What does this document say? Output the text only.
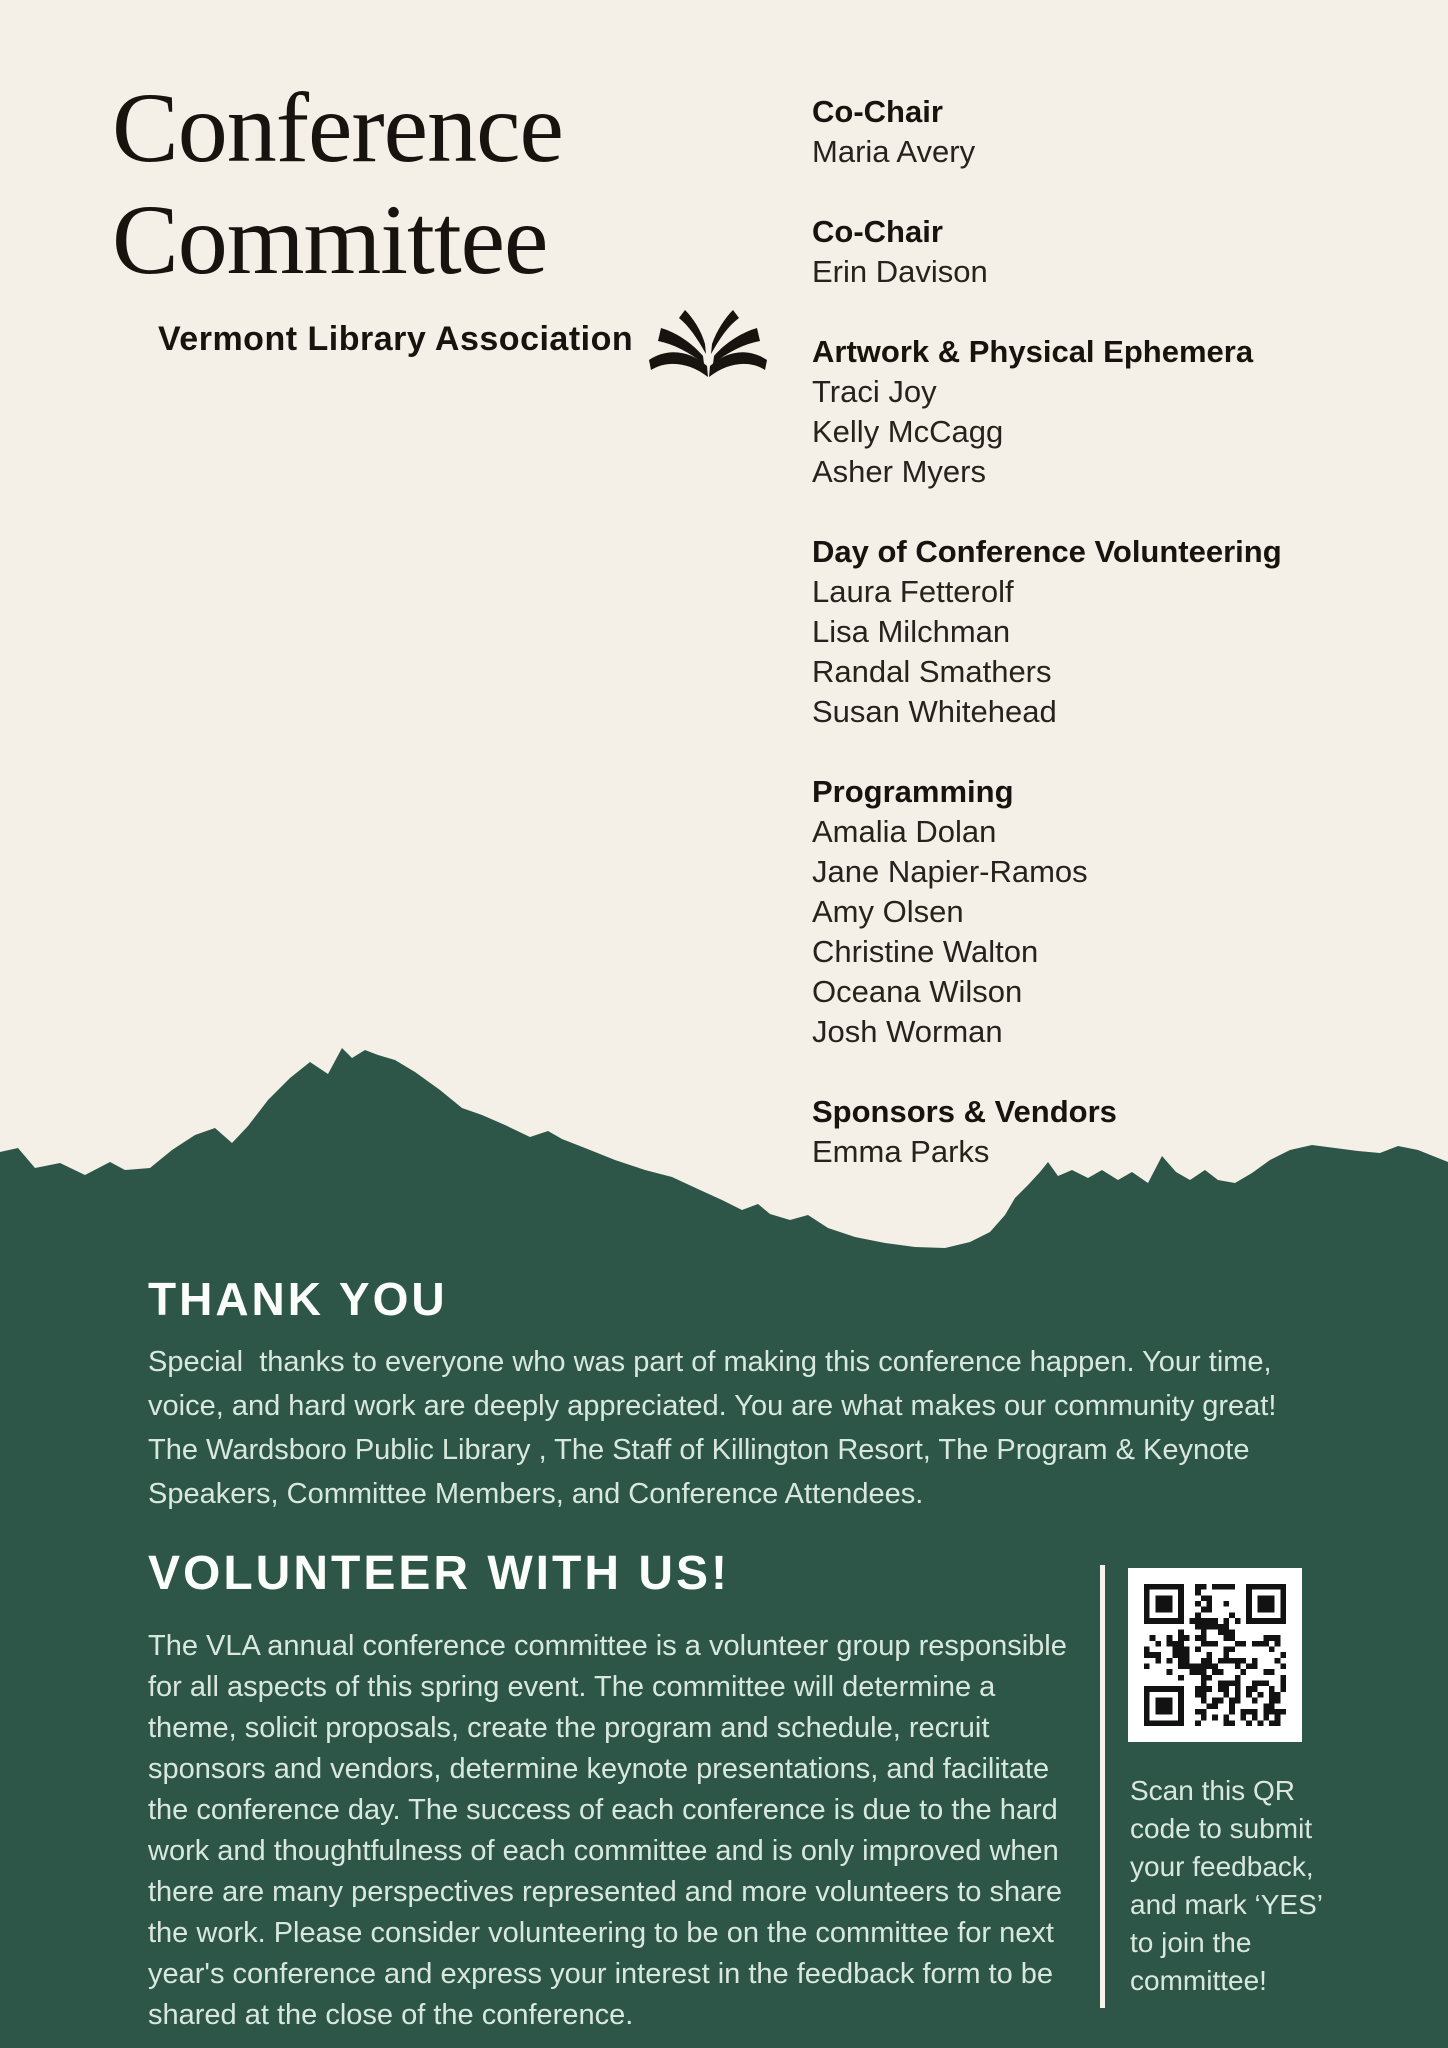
Conference
Committee
Vermont Library Association
Co-Chair
Maria Avery
Co-Chair
Erin Davison
Artwork & Physical Ephemera
Traci Joy
Kelly McCagg
Asher Myers
Day of Conference Volunteering
Laura Fetterolf
Lisa Milchman
Randal Smathers
Susan Whitehead
Programming
Amalia Dolan
Jane Napier-Ramos
Amy Olsen
Christine Walton
Oceana Wilson
Josh Worman
Sponsors & Vendors
Emma Parks
THANK YOU
Special  thanks to everyone who was part of making this conference happen. Your time, voice, and hard work are deeply appreciated. You are what makes our community great! The Wardsboro Public Library , The Staff of Killington Resort, The Program & Keynote Speakers, Committee Members, and Conference Attendees.
VOLUNTEER WITH US!
The VLA annual conference committee is a volunteer group responsible for all aspects of this spring event. The committee will determine a theme, solicit proposals, create the program and schedule, recruit sponsors and vendors, determine keynote presentations, and facilitate the conference day. The success of each conference is due to the hard work and thoughtfulness of each committee and is only improved when there are many perspectives represented and more volunteers to share the work. Please consider volunteering to be on the committee for next year's conference and express your interest in the feedback form to be shared at the close of the conference.
Scan this QR code to submit your feedback, and mark ‘YES’ to join the committee!
